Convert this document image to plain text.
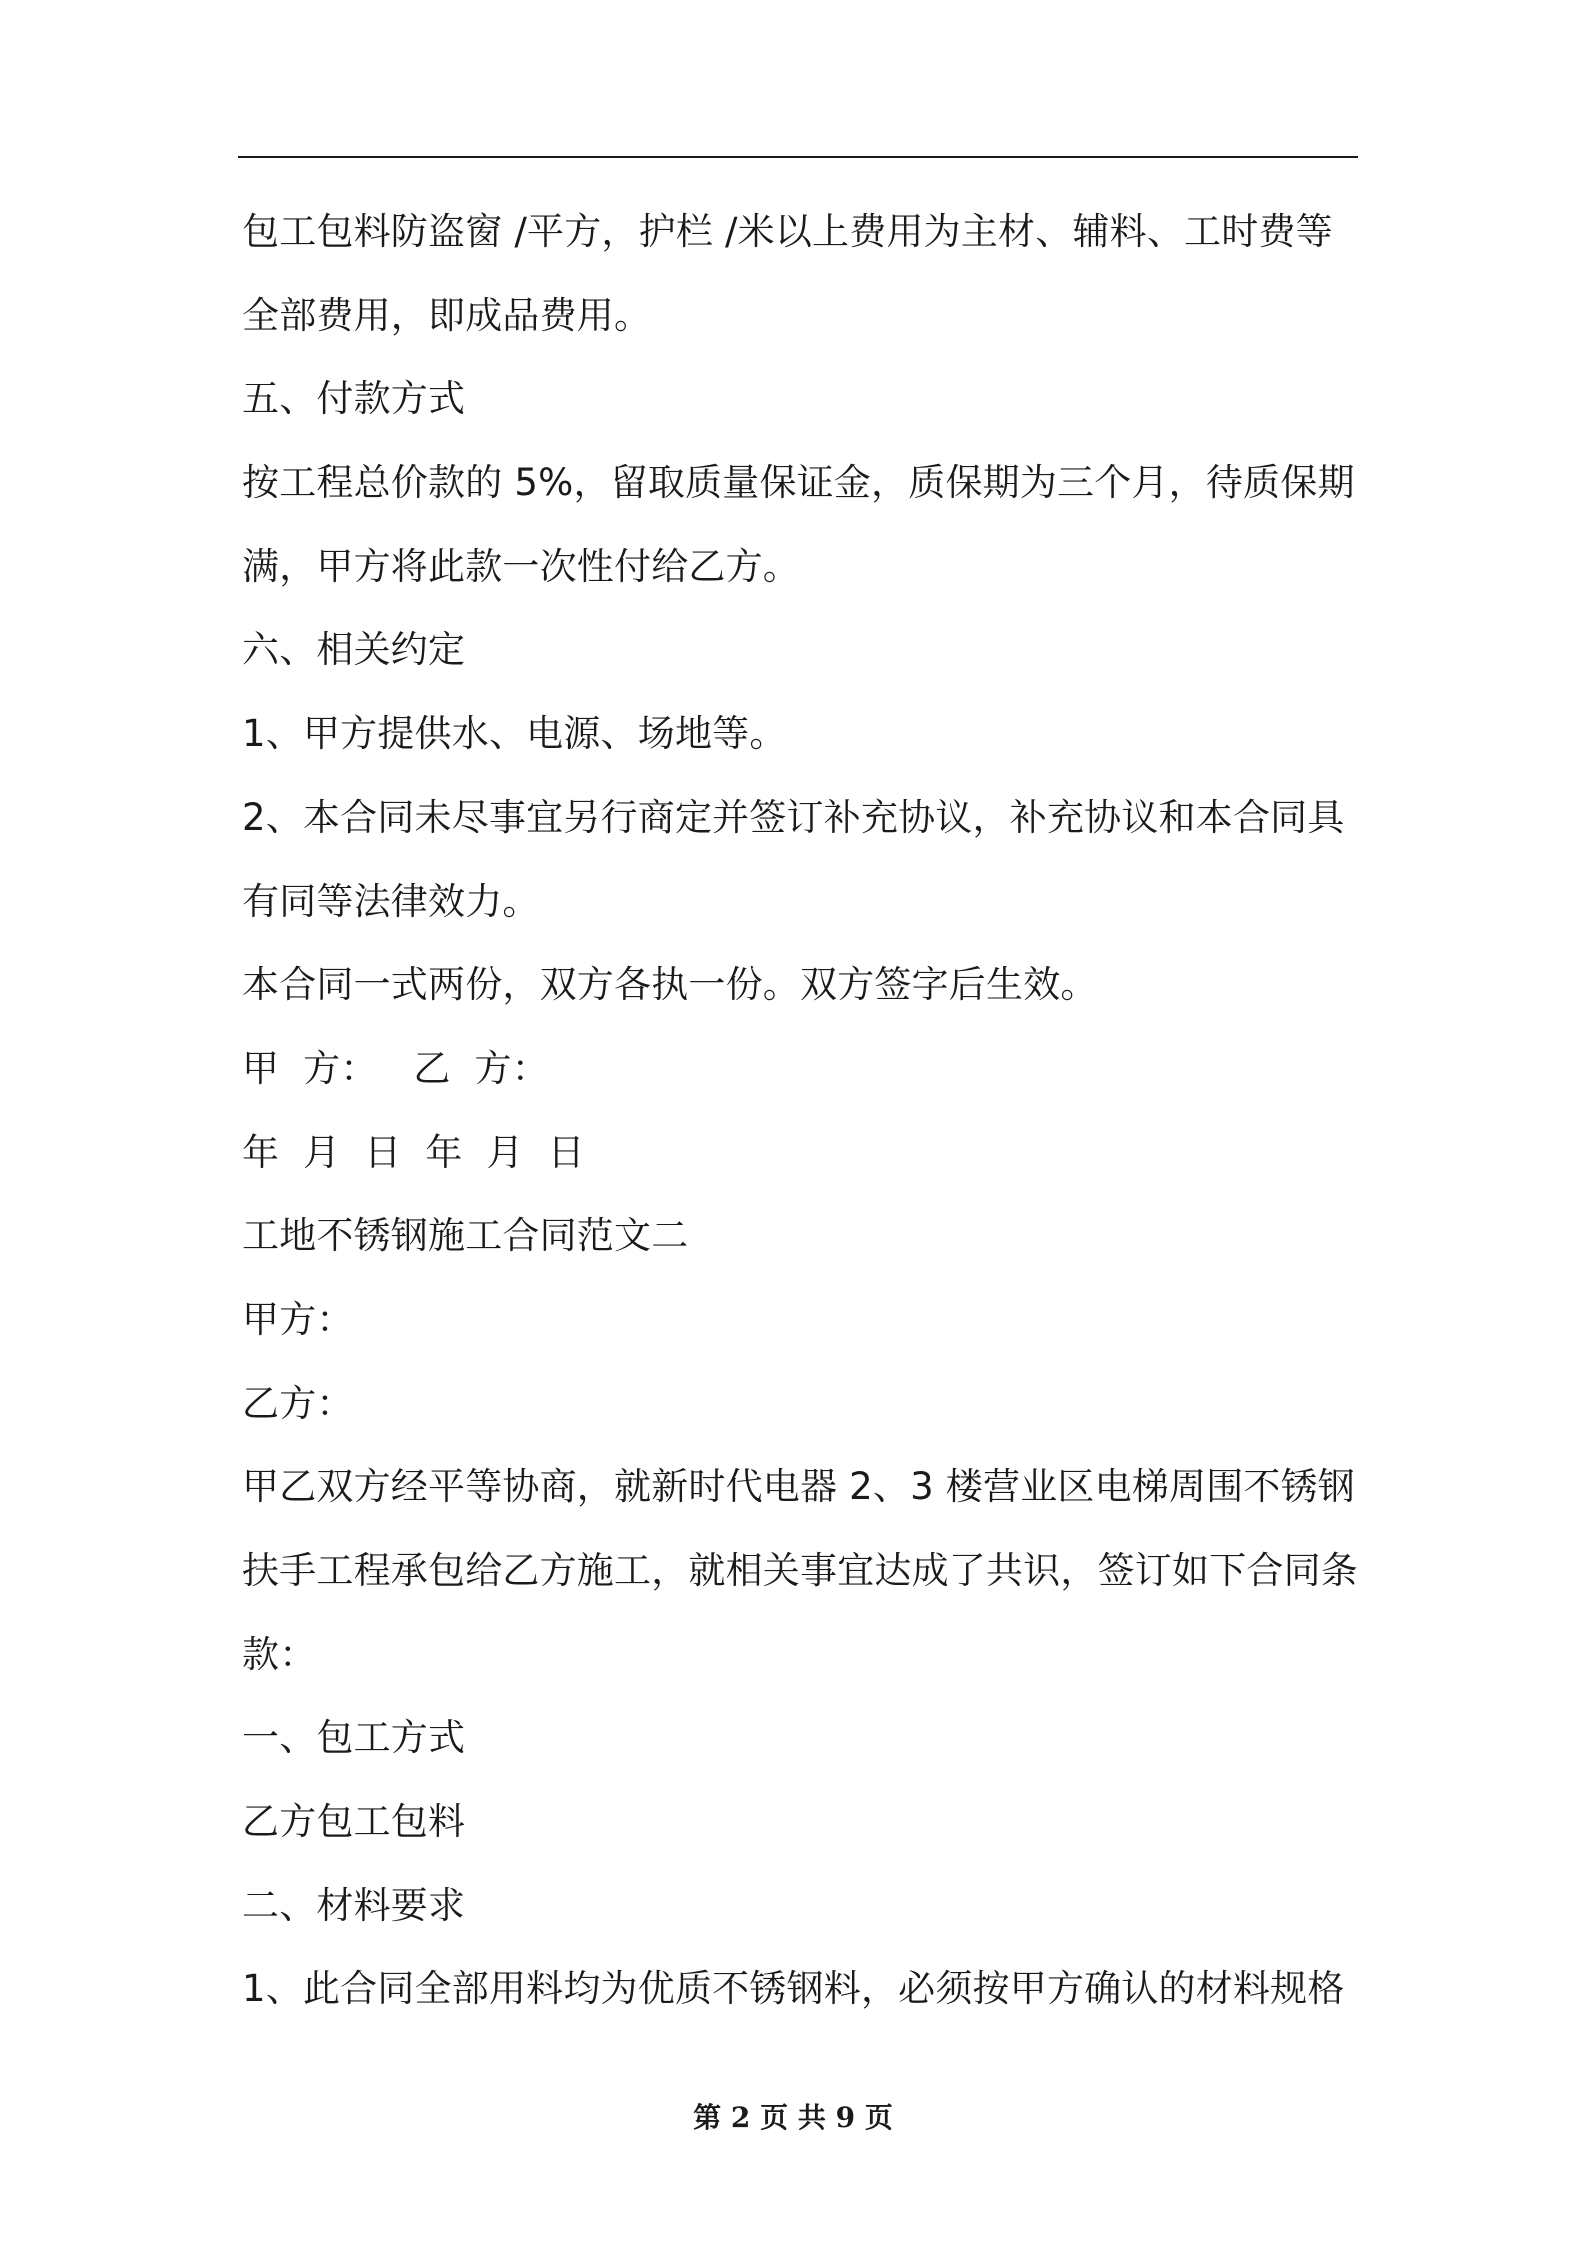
包工包料防盗窗 /平方，护栏 /米以上费用为主材、辅料、工时费等
全部费用，即成品费用。
五、付款方式
按工程总价款的 5%，留取质量保证金，质保期为三个月，待质保期
满，甲方将此款一次性付给乙方。
六、相关约定
1、甲方提供水、电源、场地等。
2、本合同未尽事宜另行商定并签订补充协议，补充协议和本合同具
有同等法律效力。
本合同一式两份，双方各执一份。双方签字后生效。
甲  方：   乙  方：
年  月  日  年  月  日
工地不锈钢施工合同范文二
甲方：
乙方：
甲乙双方经平等协商，就新时代电器 2、3 楼营业区电梯周围不锈钢
扶手工程承包给乙方施工，就相关事宜达成了共识，签订如下合同条
款：
一、包工方式
乙方包工包料
二、材料要求
1、此合同全部用料均为优质不锈钢料，必须按甲方确认的材料规格
第 2 页 共 9 页
